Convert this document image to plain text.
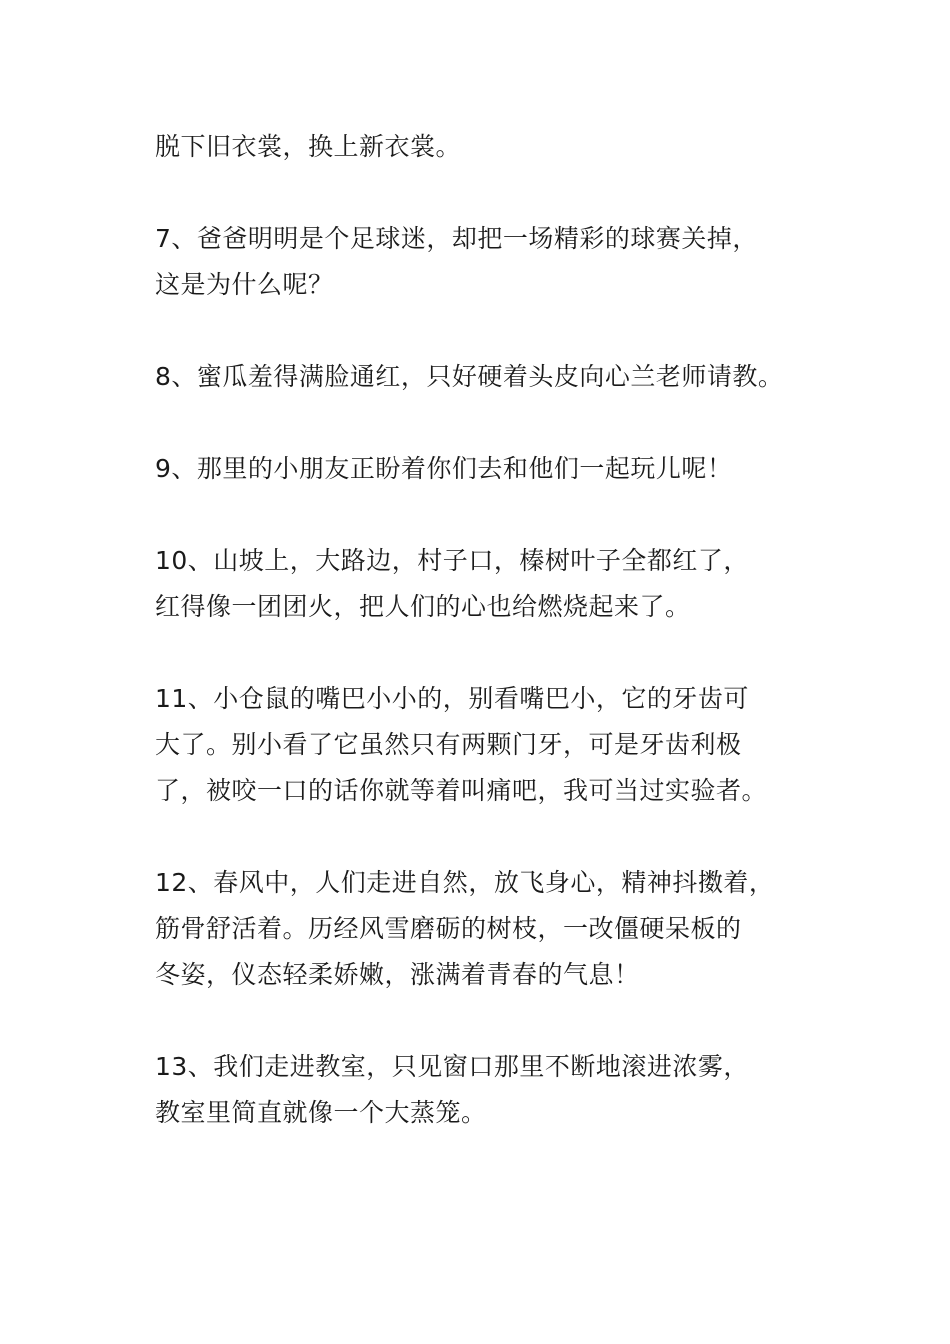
脱下旧衣裳，换上新衣裳。
7、爸爸明明是个足球迷，却把一场精彩的球赛关掉，
这是为什么呢？
8、蜜瓜羞得满脸通红，只好硬着头皮向心兰老师请教。
9、那里的小朋友正盼着你们去和他们一起玩儿呢！
10、山坡上，大路边，村子口，榛树叶子全都红了，
红得像一团团火，把人们的心也给燃烧起来了。
11、小仓鼠的嘴巴小小的，别看嘴巴小，它的牙齿可
大了。别小看了它虽然只有两颗门牙，可是牙齿利极
了，被咬一口的话你就等着叫痛吧，我可当过实验者。
12、春风中，人们走进自然，放飞身心，精神抖擞着，
筋骨舒活着。历经风雪磨砺的树枝，一改僵硬呆板的
冬姿，仪态轻柔娇嫩，涨满着青春的气息！
13、我们走进教室，只见窗口那里不断地滚进浓雾，
教室里简直就像一个大蒸笼。
